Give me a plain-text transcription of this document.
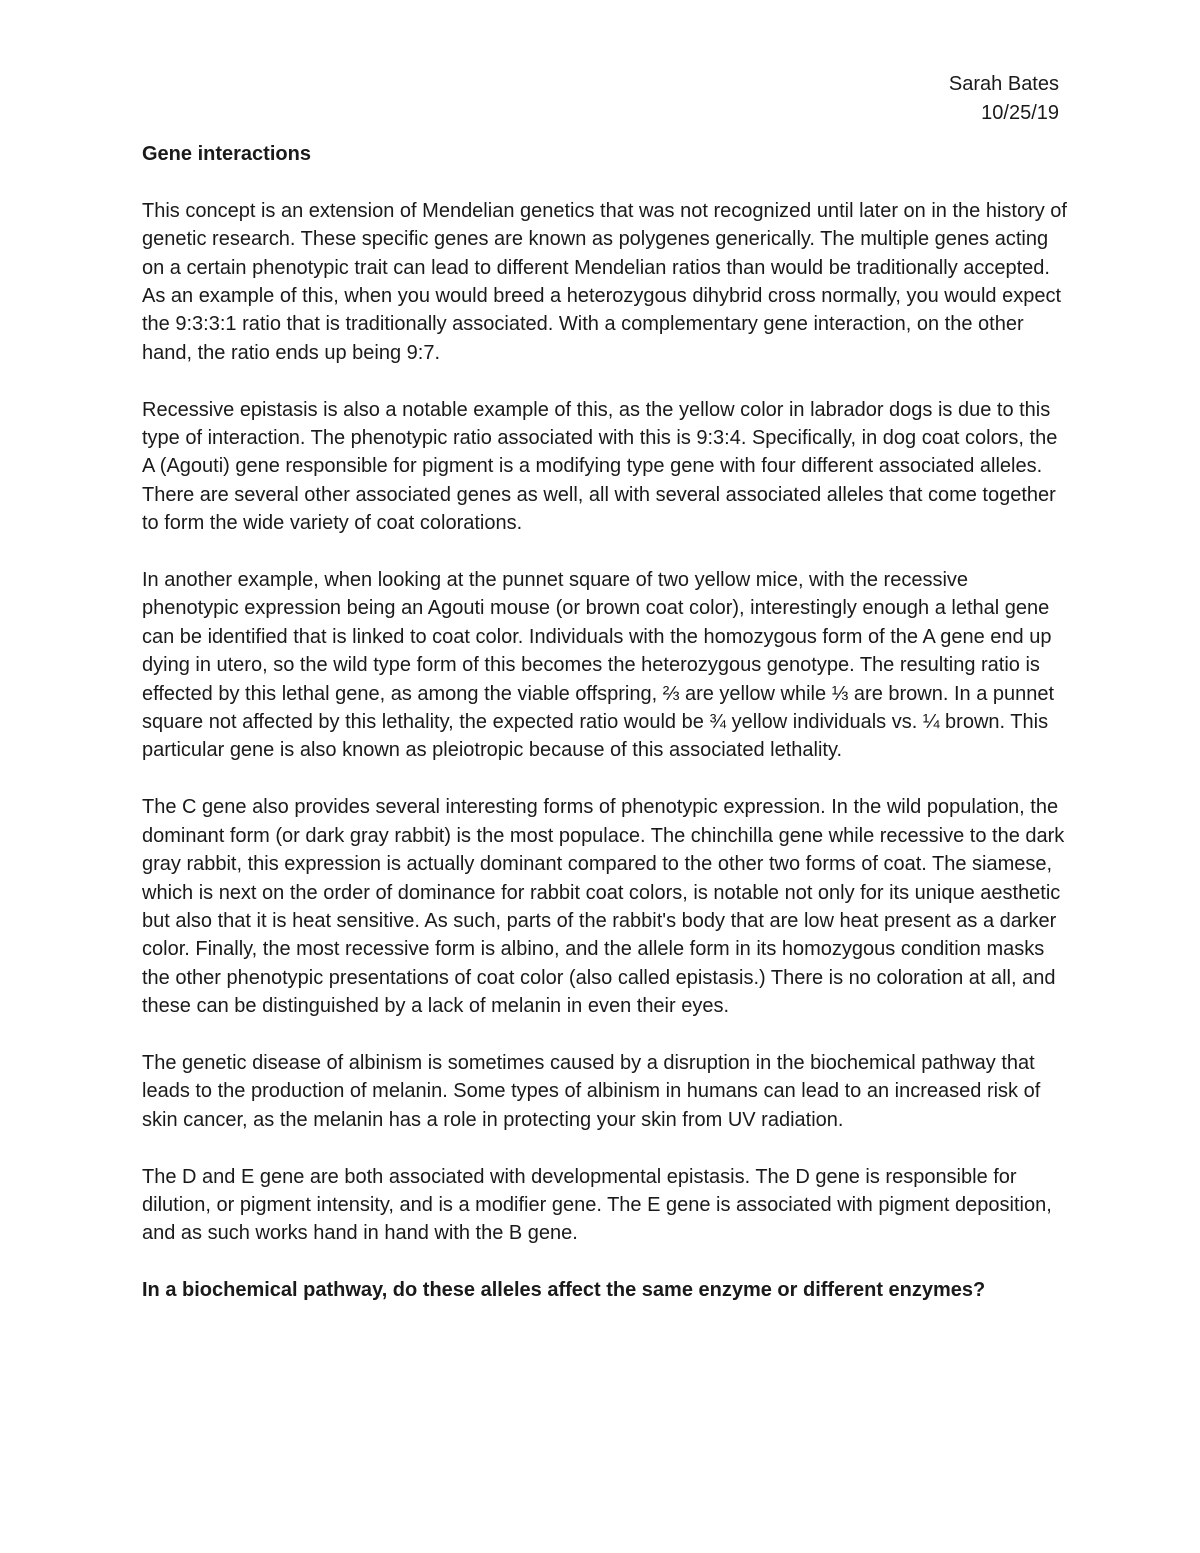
Sarah Bates
10/25/19
Gene interactions

This concept is an extension of Mendelian genetics that was not recognized until later on in the history of genetic research. These specific genes are known as polygenes generically. The multiple genes acting on a certain phenotypic trait can lead to different Mendelian ratios than would be traditionally accepted. As an example of this, when you would breed a heterozygous dihybrid cross normally, you would expect the 9:3:3:1 ratio that is traditionally associated. With a complementary gene interaction, on the other hand, the ratio ends up being 9:7.

Recessive epistasis is also a notable example of this, as the yellow color in labrador dogs is due to this type of interaction. The phenotypic ratio associated with this is 9:3:4. Specifically, in dog coat colors, the A (Agouti) gene responsible for pigment is a modifying type gene with four different associated alleles. There are several other associated genes as well, all with several associated alleles that come together to form the wide variety of coat colorations.

In another example, when looking at the punnet square of two yellow mice, with the recessive phenotypic expression being an Agouti mouse (or brown coat color), interestingly enough a lethal gene can be identified that is linked to coat color. Individuals with the homozygous form of the A gene end up dying in utero, so the wild type form of this becomes the heterozygous genotype. The resulting ratio is effected by this lethal gene, as among the viable offspring, ⅔ are yellow while ⅓ are brown. In a punnet square not affected by this lethality, the expected ratio would be ¾ yellow individuals vs. ¼ brown. This particular gene is also known as pleiotropic because of this associated lethality.

The C gene also provides several interesting forms of phenotypic expression. In the wild population, the dominant form (or dark gray rabbit) is the most populace. The chinchilla gene while recessive to the dark gray rabbit, this expression is actually dominant compared to the other two forms of coat. The siamese, which is next on the order of dominance for rabbit coat colors, is notable not only for its unique aesthetic but also that it is heat sensitive. As such, parts of the rabbit's body that are low heat present as a darker color. Finally, the most recessive form is albino, and the allele form in its homozygous condition masks the other phenotypic presentations of coat color (also called epistasis.) There is no coloration at all, and these can be distinguished by a lack of melanin in even their eyes.

The genetic disease of albinism is sometimes caused by a disruption in the biochemical pathway that leads to the production of melanin. Some types of albinism in humans can lead to an increased risk of skin cancer, as the melanin has a role in protecting your skin from UV radiation.

The D and E gene are both associated with developmental epistasis. The D gene is responsible for dilution, or pigment intensity, and is a modifier gene. The E gene is associated with pigment deposition, and as such works hand in hand with the B gene.

In a biochemical pathway, do these alleles affect the same enzyme or different enzymes?
